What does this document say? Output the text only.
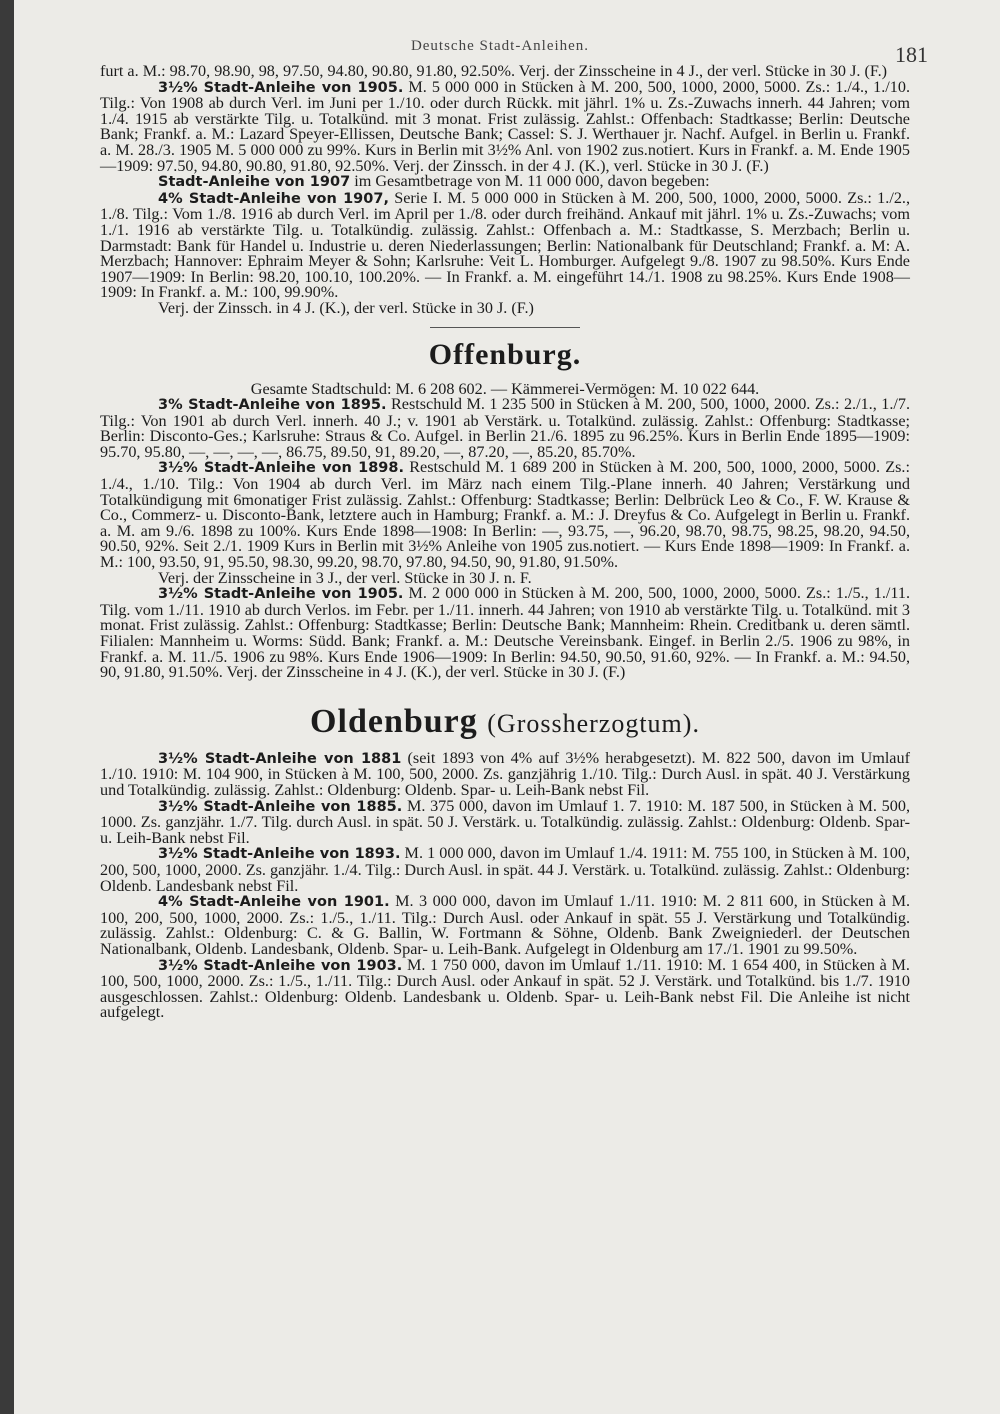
Deutsche Stadt-Anleihen.	181

furt a. M.: 98.70, 98.90, 98, 97.50, 94.80, 90.80, 91.80, 92.50%. Verj. der Zinsscheine in 4 J., der verl. Stücke in 30 J. (F.)

3½% Stadt-Anleihe von 1905. M. 5 000 000 in Stücken à M. 200, 500, 1000, 2000, 5000. Zs.: 1./4., 1./10. Tilg.: Von 1908 ab durch Verl. im Juni per 1./10. oder durch Rückk. mit jährl. 1% u. Zs.-Zuwachs innerh. 44 Jahren; vom 1./4. 1915 ab verstärkte Tilg. u. Totalkünd. mit 3 monat. Frist zulässig. Zahlst.: Offenbach: Stadtkasse; Berlin: Deutsche Bank; Frankf. a. M.: Lazard Speyer-Ellissen, Deutsche Bank; Cassel: S. J. Werthauer jr. Nachf. Aufgel. in Berlin u. Frankf. a. M. 28./3. 1905 M. 5 000 000 zu 99%. Kurs in Berlin mit 3½% Anl. von 1902 zus.notiert. Kurs in Frankf. a. M. Ende 1905—1909: 97.50, 94.80, 90.80, 91.80, 92.50%. Verj. der Zinssch. in der 4 J. (K.), verl. Stücke in 30 J. (F.)

Stadt-Anleihe von 1907 im Gesamtbetrage von M. 11 000 000, davon begeben:

4% Stadt-Anleihe von 1907, Serie I. M. 5 000 000 in Stücken à M. 200, 500, 1000, 2000, 5000. Zs.: 1./2., 1./8. Tilg.: Vom 1./8. 1916 ab durch Verl. im April per 1./8. oder durch freihänd. Ankauf mit jährl. 1% u. Zs.-Zuwachs; vom 1./1. 1916 ab verstärkte Tilg. u. Totalkündig. zulässig. Zahlst.: Offenbach a. M.: Stadtkasse, S. Merzbach; Berlin u. Darmstadt: Bank für Handel u. Industrie u. deren Niederlassungen; Berlin: Nationalbank für Deutschland; Frankf. a. M: A. Merzbach; Hannover: Ephraim Meyer & Sohn; Karlsruhe: Veit L. Homburger. Aufgelegt 9./8. 1907 zu 98.50%. Kurs Ende 1907—1909: In Berlin: 98.20, 100.10, 100.20%. — In Frankf. a. M. eingeführt 14./1. 1908 zu 98.25%. Kurs Ende 1908—1909: In Frankf. a. M.: 100, 99.90%.

Verj. der Zinssch. in 4 J. (K.), der verl. Stücke in 30 J. (F.)

Offenburg.

Gesamte Stadtschuld: M. 6 208 602. — Kämmerei-Vermögen: M. 10 022 644.

3% Stadt-Anleihe von 1895. Restschuld M. 1 235 500 in Stücken à M. 200, 500, 1000, 2000. Zs.: 2./1., 1./7. Tilg.: Von 1901 ab durch Verl. innerh. 40 J.; v. 1901 ab Verstärk. u. Totalkünd. zulässig. Zahlst.: Offenburg: Stadtkasse; Berlin: Disconto-Ges.; Karlsruhe: Straus & Co. Aufgel. in Berlin 21./6. 1895 zu 96.25%. Kurs in Berlin Ende 1895—1909: 95.70, 95.80, —, —, —, —, 86.75, 89.50, 91, 89.20, —, 87.20, —, 85.20, 85.70%.

3½% Stadt-Anleihe von 1898. Restschuld M. 1 689 200 in Stücken à M. 200, 500, 1000, 2000, 5000. Zs.: 1./4., 1./10. Tilg.: Von 1904 ab durch Verl. im März nach einem Tilg.-Plane innerh. 40 Jahren; Verstärkung und Totalkündigung mit 6monatiger Frist zulässig. Zahlst.: Offenburg: Stadtkasse; Berlin: Delbrück Leo & Co., F. W. Krause & Co., Commerz- u. Disconto-Bank, letztere auch in Hamburg; Frankf. a. M.: J. Dreyfus & Co. Aufgelegt in Berlin u. Frankf. a. M. am 9./6. 1898 zu 100%. Kurs Ende 1898—1908: In Berlin: —, 93.75, —, 96.20, 98.70, 98.75, 98.25, 98.20, 94.50, 90.50, 92%. Seit 2./1. 1909 Kurs in Berlin mit 3½% Anleihe von 1905 zus.notiert. — Kurs Ende 1898—1909: In Frankf. a. M.: 100, 93.50, 91, 95.50, 98.30, 99.20, 98.70, 97.80, 94.50, 90, 91.80, 91.50%.

Verj. der Zinsscheine in 3 J., der verl. Stücke in 30 J. n. F.

3½% Stadt-Anleihe von 1905. M. 2 000 000 in Stücken à M. 200, 500, 1000, 2000, 5000. Zs.: 1./5., 1./11. Tilg. vom 1./11. 1910 ab durch Verlos. im Febr. per 1./11. innerh. 44 Jahren; von 1910 ab verstärkte Tilg. u. Totalkünd. mit 3 monat. Frist zulässig. Zahlst.: Offenburg: Stadtkasse; Berlin: Deutsche Bank; Mannheim: Rhein. Creditbank u. deren sämtl. Filialen: Mannheim u. Worms: Südd. Bank; Frankf. a. M.: Deutsche Vereinsbank. Eingef. in Berlin 2./5. 1906 zu 98%, in Frankf. a. M. 11./5. 1906 zu 98%. Kurs Ende 1906—1909: In Berlin: 94.50, 90.50, 91.60, 92%. — In Frankf. a. M.: 94.50, 90, 91.80, 91.50%. Verj. der Zinsscheine in 4 J. (K.), der verl. Stücke in 30 J. (F.)

Oldenburg (Grossherzogtum).

3½% Stadt-Anleihe von 1881 (seit 1893 von 4% auf 3½% herabgesetzt). M. 822 500, davon im Umlauf 1./10. 1910: M. 104 900, in Stücken à M. 100, 500, 2000. Zs. ganzjährig 1./10. Tilg.: Durch Ausl. in spät. 40 J. Verstärkung und Totalkündig. zulässig. Zahlst.: Oldenburg: Oldenb. Spar- u. Leih-Bank nebst Fil.

3½% Stadt-Anleihe von 1885. M. 375 000, davon im Umlauf 1. 7. 1910: M. 187 500, in Stücken à M. 500, 1000. Zs. ganzjähr. 1./7. Tilg. durch Ausl. in spät. 50 J. Verstärk. u. Totalkündig. zulässig. Zahlst.: Oldenburg: Oldenb. Spar- u. Leih-Bank nebst Fil.

3½% Stadt-Anleihe von 1893. M. 1 000 000, davon im Umlauf 1./4. 1911: M. 755 100, in Stücken à M. 100, 200, 500, 1000, 2000. Zs. ganzjähr. 1./4. Tilg.: Durch Ausl. in spät. 44 J. Verstärk. u. Totalkünd. zulässig. Zahlst.: Oldenburg: Oldenb. Landesbank nebst Fil.

4% Stadt-Anleihe von 1901. M. 3 000 000, davon im Umlauf 1./11. 1910: M. 2 811 600, in Stücken à M. 100, 200, 500, 1000, 2000. Zs.: 1./5., 1./11. Tilg.: Durch Ausl. oder Ankauf in spät. 55 J. Verstärkung und Totalkündig. zulässig. Zahlst.: Oldenburg: C. & G. Ballin, W. Fortmann & Söhne, Oldenb. Bank Zweigniederl. der Deutschen Nationalbank, Oldenb. Landesbank, Oldenb. Spar- u. Leih-Bank. Aufgelegt in Oldenburg am 17./1. 1901 zu 99.50%.

3½% Stadt-Anleihe von 1903. M. 1 750 000, davon im Umlauf 1./11. 1910: M. 1 654 400, in Stücken à M. 100, 500, 1000, 2000. Zs.: 1./5., 1./11. Tilg.: Durch Ausl. oder Ankauf in spät. 52 J. Verstärk. und Totalkünd. bis 1./7. 1910 ausgeschlossen. Zahlst.: Oldenburg: Oldenb. Landesbank u. Oldenb. Spar- u. Leih-Bank nebst Fil. Die Anleihe ist nicht aufgelegt.
